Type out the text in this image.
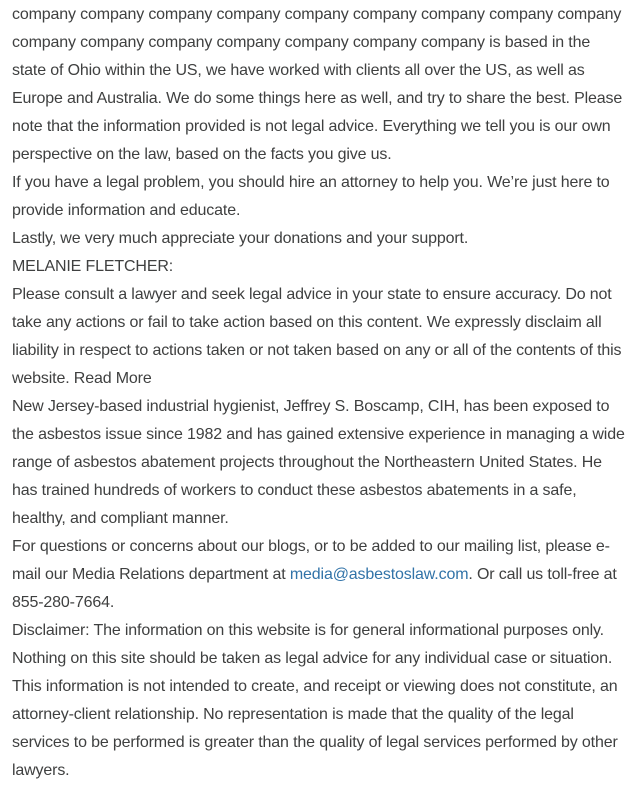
company company company company company company company company company company company company company company company company is based in the state of Ohio within the US, we have worked with clients all over the US, as well as Europe and Australia. We do some things here as well, and try to share the best. Please note that the information provided is not legal advice. Everything we tell you is our own perspective on the law, based on the facts you give us.

If you have a legal problem, you should hire an attorney to help you. We’re just here to provide information and educate.

Lastly, we very much appreciate your donations and your support.

MELANIE FLETCHER:

Please consult a lawyer and seek legal advice in your state to ensure accuracy. Do not take any actions or fail to take action based on this content. We expressly disclaim all liability in respect to actions taken or not taken based on any or all of the contents of this website. Read More

New Jersey-based industrial hygienist, Jeffrey S. Boscamp, CIH, has been exposed to the asbestos issue since 1982 and has gained extensive experience in managing a wide range of asbestos abatement projects throughout the Northeastern United States. He has trained hundreds of workers to conduct these asbestos abatements in a safe, healthy, and compliant manner.

For questions or concerns about our blogs, or to be added to our mailing list, please e-mail our Media Relations department at media@asbestoslaw.com. Or call us toll-free at 855-280-7664.

Disclaimer: The information on this website is for general informational purposes only. Nothing on this site should be taken as legal advice for any individual case or situation. This information is not intended to create, and receipt or viewing does not constitute, an attorney-client relationship. No representation is made that the quality of the legal services to be performed is greater than the quality of legal services performed by other lawyers.
